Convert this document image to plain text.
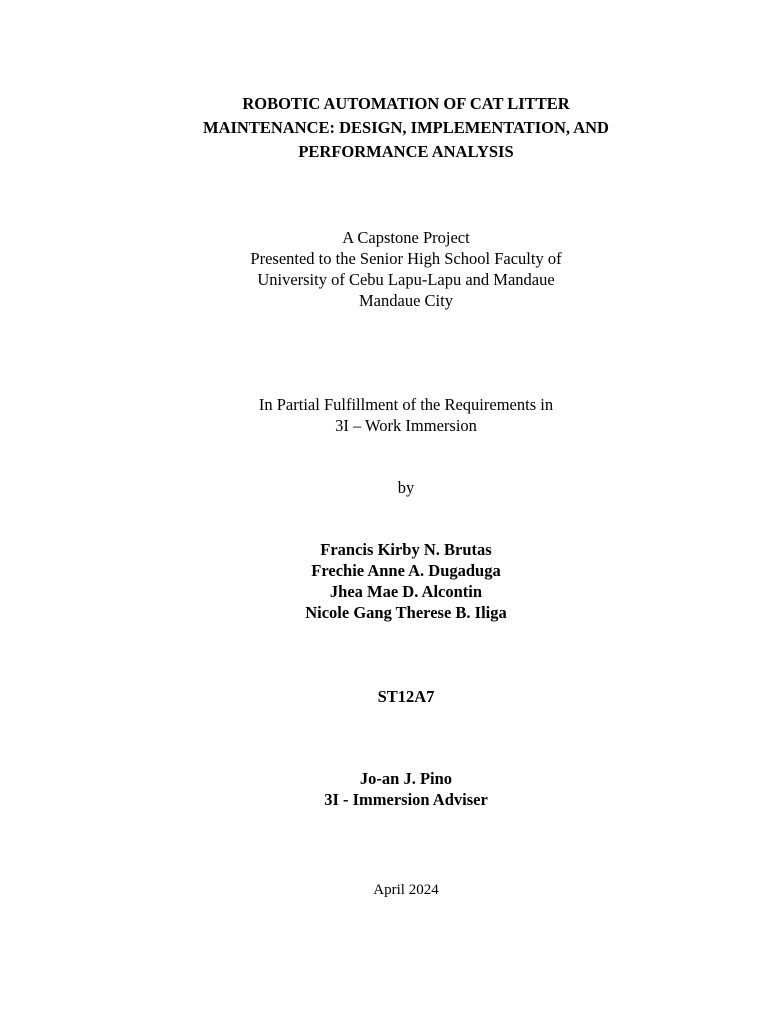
ROBOTIC AUTOMATION OF CAT LITTER
MAINTENANCE: DESIGN, IMPLEMENTATION, AND
PERFORMANCE ANALYSIS
A Capstone Project
Presented to the Senior High School Faculty of
University of Cebu Lapu-Lapu and Mandaue
Mandaue City
In Partial Fulfillment of the Requirements in
3I – Work Immersion
by
Francis Kirby N. Brutas
Frechie Anne A. Dugaduga
Jhea Mae D. Alcontin
Nicole Gang Therese B. Iliga
ST12A7
Jo-an J. Pino
3I - Immersion Adviser
April 2024
